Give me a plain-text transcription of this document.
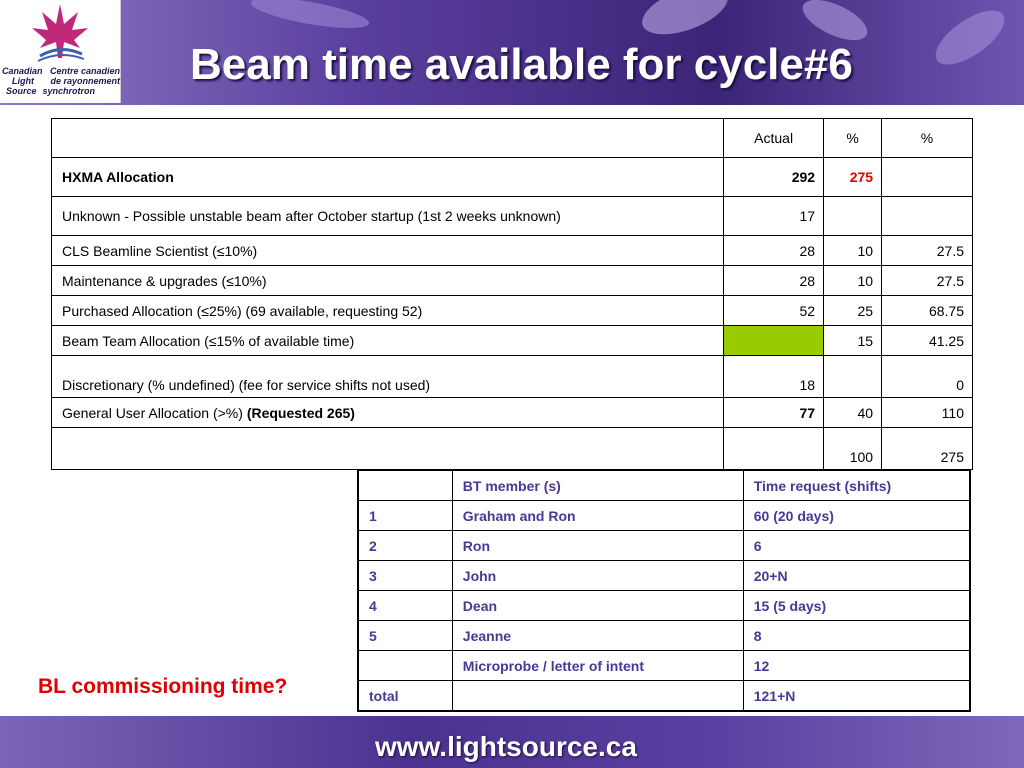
Canadian Centre canadien
Light de rayonnement
Source synchrotron
Beam time available for cycle#6
	Actual	%	%
HXMA Allocation	292	275	
Unknown - Possible unstable beam after October startup (1st 2 weeks unknown)	17		
CLS Beamline Scientist (≤10%)	28	10	27.5
Maintenance & upgrades (≤10%)	28	10	27.5
Purchased Allocation (≤25%) (69 available, requesting 52)	52	25	68.75
Beam Team Allocation (≤15% of available time)		15	41.25
Discretionary (% undefined) (fee for service shifts not used)	18		0
General User Allocation (>%) (Requested 265)	77	40	110
		100	275
	BT member (s)	Time request (shifts)
1	Graham and Ron	60 (20 days)
2	Ron	6
3	John	20+N
4	Dean	15 (5 days)
5	Jeanne	8
	Microprobe / letter of intent	12
total		121+N
BL commissioning time?
www.lightsource.ca
